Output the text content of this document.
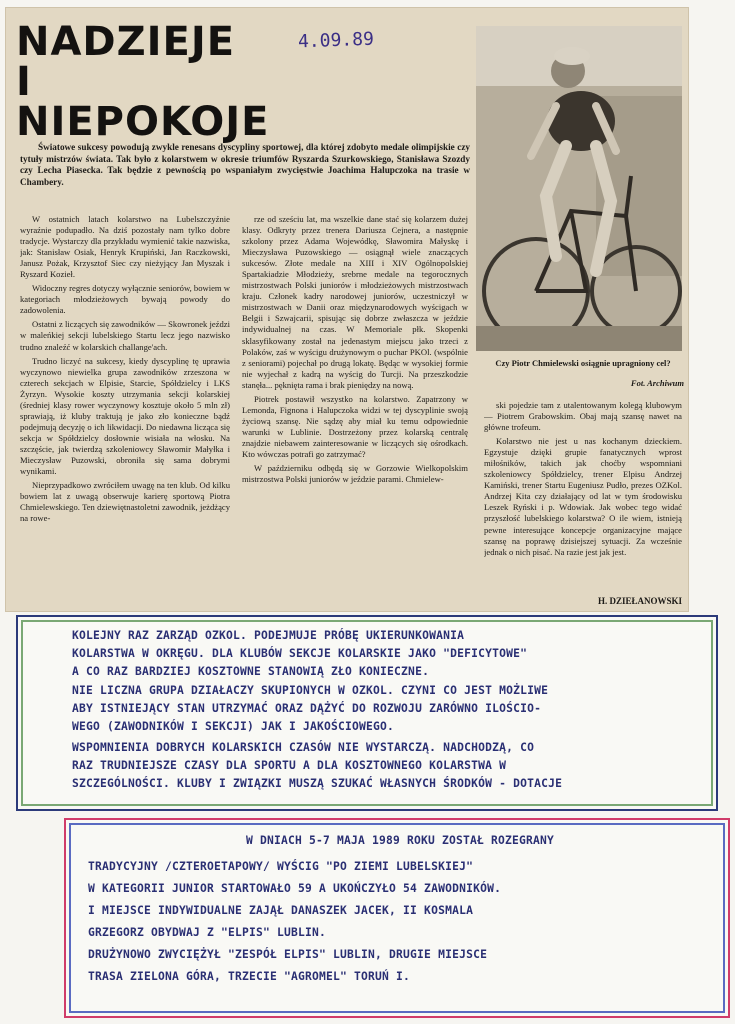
NADZIEJE
I NIEPOKOJE
4.09.89
Czy Piotr Chmielewski osiągnie upragniony cel?
Fot. Archiwum

Światowe sukcesy powodują zwykle renesans dyscypliny sportowej, dla której zdobyto medale olimpijskie czy tytuły mistrzów świata. Tak było z kolarstwem w okresie triumfów Ryszarda Szurkowskiego, Stanisława Szozdy czy Lecha Piasecka. Tak będzie z pewnością po wspaniałym zwycięstwie Joachima Halupczoka na trasie w Chambery.

W ostatnich latach kolarstwo na Lubelszczyźnie wyraźnie podupadło. Na dziś pozostały nam tylko dobre tradycje. Wystarczy dla przykładu wymienić takie nazwiska, jak: Stanisław Osiak, Henryk Krupiński, Jan Raczkowski, Janusz Pożak, Krzysztof Siec czy nieżyjący Jan Myszak i Ryszard Kozieł.

Widoczny regres dotyczy wyłącznie seniorów, bowiem w kategoriach młodzieżowych bywają powody do zadowolenia.

Ostatni z liczących się zawodników — Skowronek jeździ w maleńkiej sekcji lubelskiego Startu lecz jego nazwisko trudno znaleźć w kolarskich challange'ach.

Trudno liczyć na sukcesy, kiedy dyscyplinę tę uprawia wyczynowo niewielka grupa zawodników zrzeszona w czterech sekcjach w Elpisie, Starcie, Spółdzielcy i LKS Żyrzyn. Wysokie koszty utrzymania sekcji kolarskiej (średniej klasy rower wyczynowy kosztuje około 5 mln zł) sprawiają, iż kluby traktują je jako zło konieczne bądź podejmują decyzję o ich likwidacji. Do niedawna licząca się sekcja w Spółdzielcy dosłownie wisiała na włosku. Na szczęście, jak twierdzą szkoleniowcy Sławomir Małyłka i Mieczysław Puzowski, obroniła się sama dobrymi wynikami.

Nieprzypadkowo zwróciłem uwagę na ten klub. Od kilku bowiem lat z uwagą obserwuje karierę sportową Piotra Chmielewskiego. Ten dziewiętnastoletni zawodnik, jeżdżący na rowe-

rze od sześciu lat, ma wszelkie dane stać się kolarzem dużej klasy. Odkryty przez trenera Dariusza Cejnera, a następnie szkolony przez Adama Wojewódkę, Sławomira Małyskę i Mieczysława Puzowskiego — osiągnął wiele znaczących sukcesów. Złote medale na XIII i XIV Ogólnopolskiej Spartakiadzie Młodzieży, srebrne medale na tegorocznych mistrzostwach Polski juniorów i młodzieżowych mistrzostwach kraju. Członek kadry narodowej juniorów, uczestniczył w mistrzostwach w Danii oraz międzynarodowych wyścigach w Belgii i Szwajcarii, spisując się dobrze zwłaszcza w jeździe indywidualnej na czas. W Memoriale płk. Skopenki sklasyfikowany został na jedenastym miejscu jako trzeci z Polaków, zaś w wyścigu drużynowym o puchar PKOl. (wspólnie z seniorami) pojechał po drugą lokatę. Będąc w wysokiej formie nie wyjechał z kadrą na wyścig do Turcji. Na przeszkodzie stanęła... pęknięta rama i brak pieniędzy na nową.

Piotrek postawił wszystko na kolarstwo. Zapatrzony w Lemonda, Fignona i Halupczoka widzi w tej dyscyplinie swoją życiową szansę. Nie sądzę aby miał ku temu odpowiednie warunki w Lublinie. Dostrzeżony przez kolarską centralę znajdzie niebawem zainteresowanie w liczących się ośrodkach. Kto wówczas potrafi go zatrzymać?

W październiku odbędą się w Gorzowie Wielkopolskim mistrzostwa Polski juniorów w jeździe parami. Chmielew-

ski pojedzie tam z utalentowanym kolegą klubowym — Piotrem Grabowskim. Obaj mają szansę nawet na główne trofeum.

Kolarstwo nie jest u nas kochanym dzieckiem. Egzystuje dzięki grupie fanatycznych wprost miłośników, takich jak choćby wspomniani szkoleniowcy Spółdzielcy, trener Elpisu Andrzej Kamiński, trener Startu Eugeniusz Pudło, prezes OZKol. Andrzej Kita czy działający od lat w tym środowisku Leszek Ryński i p. Wdowiak. Jak wobec tego widać przyszłość lubelskiego kolarstwa? O ile wiem, istnieją pewne interesujące koncepcje organizacyjne mające szansę na poprawę dzisiejszej sytuacji. Za wcześnie jednak o nich pisać. Na razie jest jak jest.

H. DZIEŁANOWSKI
KOLEJNY RAZ ZARZĄD OZKOL. PODEJMUJE PRÓBĘ UKIERUNKOWANIA
KOLARSTWA W OKRĘGU. DLA KLUBÓW SEKCJE KOLARSKIE JAKO "DEFICYTOWE"
A CO RAZ BARDZIEJ KOSZTOWNE STANOWIĄ ZŁO KONIECZNE.
NIE LICZNA GRUPA DZIAŁACZY SKUPIONYCH W OZKOL. CZYNI CO JEST MOŻLIWE
ABY ISTNIEJĄCY STAN UTRZYMAĆ ORAZ DĄŻYĆ DO ROZWOJU ZARÓWNO ILOŚCIO-
WEGO (ZAWODNIKÓW I SEKCJI) JAK I JAKOŚCIOWEGO.
WSPOMNIENIA DOBRYCH KOLARSKICH CZASÓW NIE WYSTARCZĄ. NADCHODZĄ, CO
RAZ TRUDNIEJSZE CZASY DLA SPORTU A DLA KOSZTOWNEGO KOLARSTWA W
SZCZEGÓLNOŚCI. KLUBY I ZWIĄZKI MUSZĄ SZUKAĆ WŁASNYCH ŚRODKÓW - DOTACJE
W DNIACH 5-7 MAJA 1989 ROKU ZOSTAŁ ROZEGRANY
TRADYCYJNY /CZTEROETAPOWY/ WYŚCIG "PO ZIEMI LUBELSKIEJ"
W KATEGORII JUNIOR STARTOWAŁO 59 A UKOŃCZYŁO 54 ZAWODNIKÓW.
I MIEJSCE INDYWIDUALNE ZAJĄŁ DANASZEK JACEK, II KOSMALA
GRZEGORZ OBYDWAJ Z "ELPIS" LUBLIN.
DRUŻYNOWO ZWYCIĘŻYŁ "ZESPÓŁ ELPIS" LUBLIN, DRUGIE MIEJSCE
TRASA ZIELONA GÓRA, TRZECIE "AGROMEL" TORUŃ I.
